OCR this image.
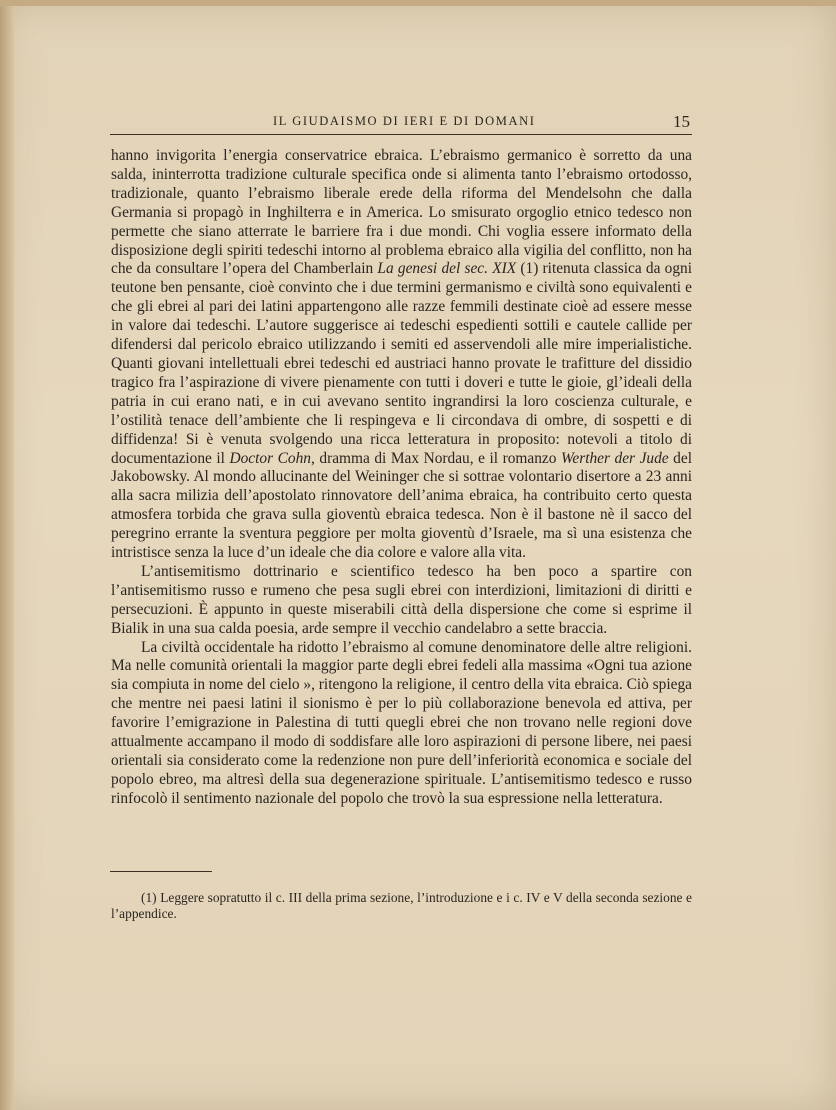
IL GIUDAISMO DI IERI E DI DOMANI	15

hanno invigorita l’energia conservatrice ebraica. L’ebraismo germanico è sorretto da una salda, ininterrotta tradizione culturale specifica onde si alimenta tanto l’ebraismo ortodosso, tradizionale, quanto l’ebraismo liberale erede della riforma del Mendelsohn che dalla Germania si propagò in Inghilterra e in America. Lo smisurato orgoglio etnico tedesco non permette che siano atterrate le barriere fra i due mondi. Chi voglia essere informato della disposizione degli spiriti tedeschi intorno al problema ebraico alla vigilia del conflitto, non ha che da consultare l’opera del Chamberlain La genesi del sec. XIX (1) ritenuta classica da ogni teutone ben pensante, cioè convinto che i due termini germanismo e civiltà sono equivalenti e che gli ebrei al pari dei latini appartengono alle razze femmili destinate cioè ad essere messe in valore dai tedeschi. L’autore suggerisce ai tedeschi espedienti sottili e cautele callide per difendersi dal pericolo ebraico utilizzando i semiti ed asservendoli alle mire imperialistiche. Quanti giovani intellettuali ebrei tedeschi ed austriaci hanno provate le trafitture del dissidio tragico fra l’aspirazione di vivere pienamente con tutti i doveri e tutte le gioie, gl’ideali della patria in cui erano nati, e in cui avevano sentito ingrandirsi la loro coscienza culturale, e l’ostilità tenace dell’ambiente che li respingeva e li circondava di ombre, di sospetti e di diffidenza! Si è venuta svolgendo una ricca letteratura in proposito: notevoli a titolo di documentazione il Doctor Cohn, dramma di Max Nordau, e il romanzo Werther der Jude del Jakobowsky. Al mondo allucinante del Weininger che si sottrae volontario disertore a 23 anni alla sacra milizia dell’apostolato rinnovatore dell’anima ebraica, ha contribuito certo questa atmosfera torbida che grava sulla gioventù ebraica tedesca. Non è il bastone nè il sacco del peregrino errante la sventura peggiore per molta gioventù d’Israele, ma sì una esistenza che intristisce senza la luce d’un ideale che dia colore e valore alla vita.

L’antisemitismo dottrinario e scientifico tedesco ha ben poco a spartire con l’antisemitismo russo e rumeno che pesa sugli ebrei con interdizioni, limitazioni di diritti e persecuzioni. È appunto in queste miserabili città della dispersione che come si esprime il Bialik in una sua calda poesia, arde sempre il vecchio candelabro a sette braccia.

La civiltà occidentale ha ridotto l’ebraismo al comune denominatore delle altre religioni. Ma nelle comunità orientali la maggior parte degli ebrei fedeli alla massima «Ogni tua azione sia compiuta in nome del cielo », ritengono la religione, il centro della vita ebraica. Ciò spiega che mentre nei paesi latini il sionismo è per lo più collaborazione benevola ed attiva, per favorire l’emigrazione in Palestina di tutti quegli ebrei che non trovano nelle regioni dove attualmente accampano il modo di soddisfare alle loro aspirazioni di persone libere, nei paesi orientali sia considerato come la redenzione non pure dell’inferiorità economica e sociale del popolo ebreo, ma altresì della sua degenerazione spirituale. L’antisemitismo tedesco e russo rinfocolò il sentimento nazionale del popolo che trovò la sua espressione nella letteratura.

(1) Leggere sopratutto il c. III della prima sezione, l’introduzione e i c. IV e V della seconda sezione e l’appendice.
